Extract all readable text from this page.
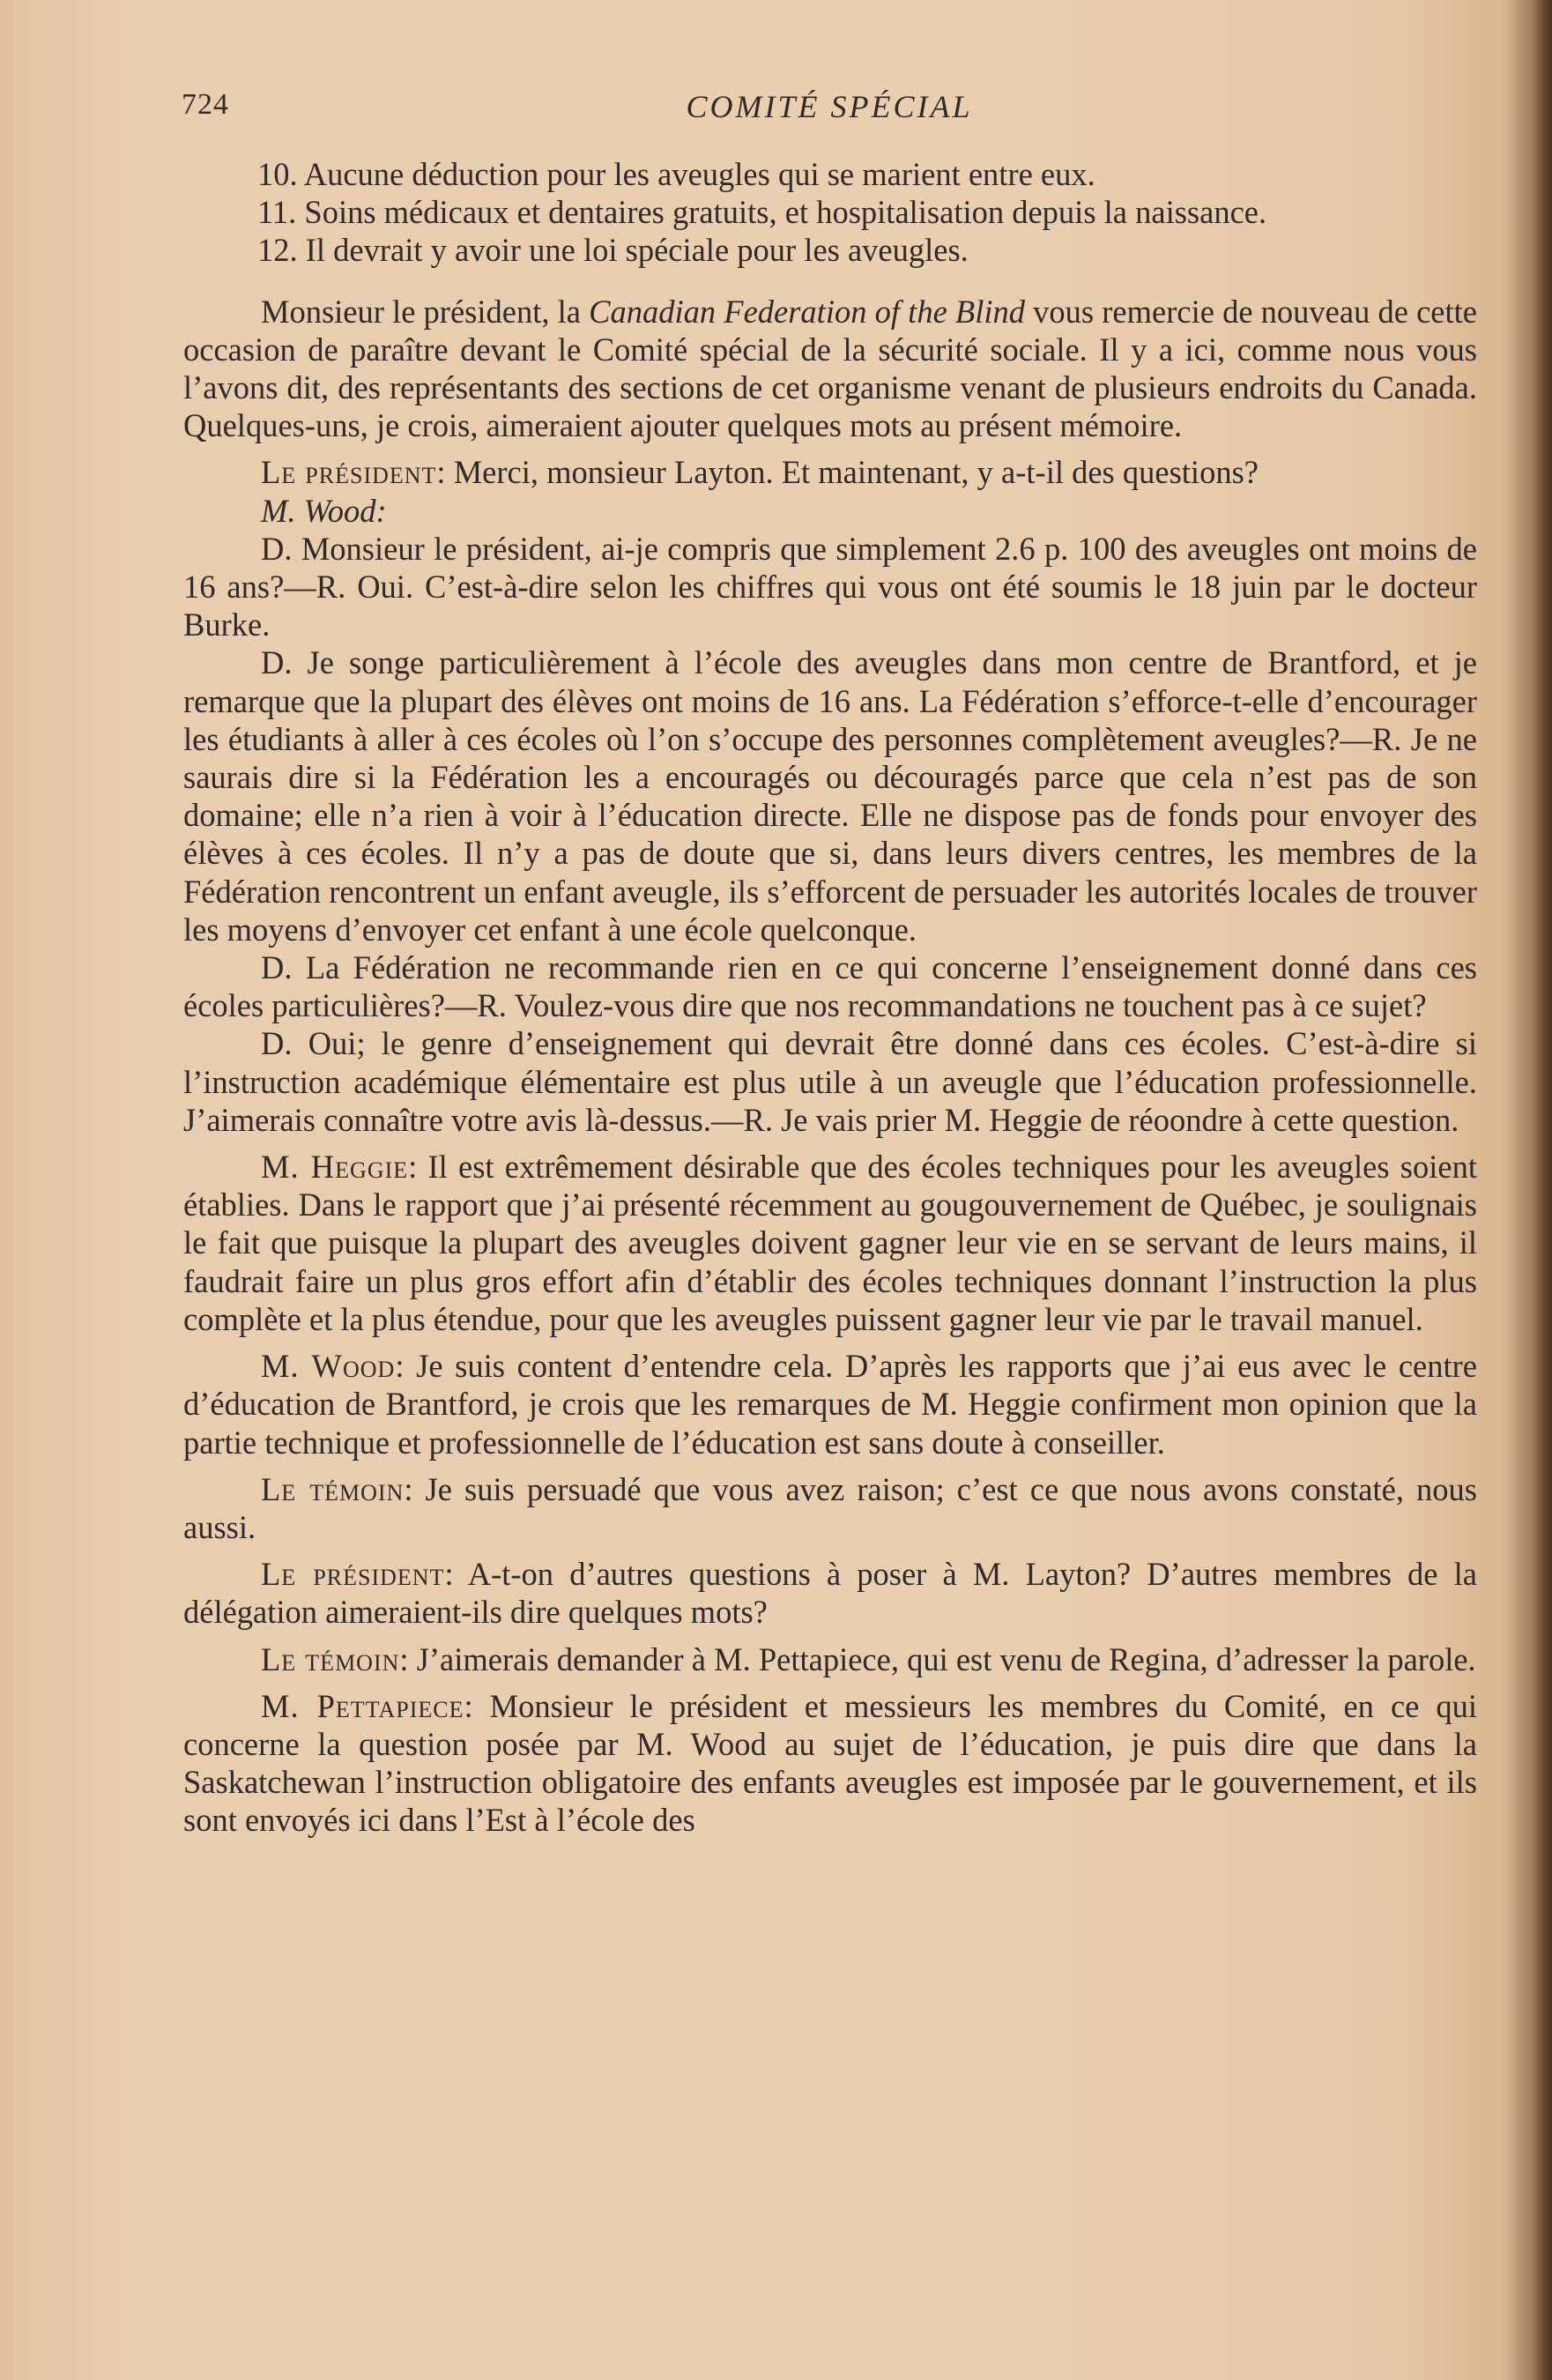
724	COMITÉ SPÉCIAL

10. Aucune déduction pour les aveugles qui se marient entre eux.

11. Soins médicaux et dentaires gratuits, et hospitalisation depuis la naissance.

12. Il devrait y avoir une loi spéciale pour les aveugles.

Monsieur le président, la Canadian Federation of the Blind vous remercie de nouveau de cette occasion de paraître devant le Comité spécial de la sécurité sociale. Il y a ici, comme nous vous l’avons dit, des représentants des sections de cet organisme venant de plusieurs endroits du Canada. Quelques-uns, je crois, aimeraient ajouter quelques mots au présent mémoire.

Le président: Merci, monsieur Layton. Et maintenant, y a-t-il des questions?

M. Wood:

D. Monsieur le président, ai-je compris que simplement 2.6 p. 100 des aveugles ont moins de 16 ans?—R. Oui. C’est-à-dire selon les chiffres qui vous ont été soumis le 18 juin par le docteur Burke.

D. Je songe particulièrement à l’école des aveugles dans mon centre de Brantford, et je remarque que la plupart des élèves ont moins de 16 ans. La Fédération s’efforce-t-elle d’encourager les étudiants à aller à ces écoles où l’on s’occupe des personnes complètement aveugles?—R. Je ne saurais dire si la Fédération les a encouragés ou découragés parce que cela n’est pas de son domaine; elle n’a rien à voir à l’éducation directe. Elle ne dispose pas de fonds pour envoyer des élèves à ces écoles. Il n’y a pas de doute que si, dans leurs divers centres, les membres de la Fédération rencontrent un enfant aveugle, ils s’efforcent de persuader les autorités locales de trouver les moyens d’envoyer cet enfant à une école quelconque.

D. La Fédération ne recommande rien en ce qui concerne l’enseignement donné dans ces écoles particulières?—R. Voulez-vous dire que nos recommandations ne touchent pas à ce sujet?

D. Oui; le genre d’enseignement qui devrait être donné dans ces écoles. C’est-à-dire si l’instruction académique élémentaire est plus utile à un aveugle que l’éducation professionnelle. J’aimerais connaître votre avis là-dessus.—R. Je vais prier M. Heggie de réoondre à cette question.

M. Heggie: Il est extrêmement désirable que des écoles techniques pour les aveugles soient établies. Dans le rapport que j’ai présenté récemment au gougouvernement de Québec, je soulignais le fait que puisque la plupart des aveugles doivent gagner leur vie en se servant de leurs mains, il faudrait faire un plus gros effort afin d’établir des écoles techniques donnant l’instruction la plus complète et la plus étendue, pour que les aveugles puissent gagner leur vie par le travail manuel.

M. Wood: Je suis content d’entendre cela. D’après les rapports que j’ai eus avec le centre d’éducation de Brantford, je crois que les remarques de M. Heggie confirment mon opinion que la partie technique et professionnelle de l’éducation est sans doute à conseiller.

Le témoin: Je suis persuadé que vous avez raison; c’est ce que nous avons constaté, nous aussi.

Le président: A-t-on d’autres questions à poser à M. Layton? D’autres membres de la délégation aimeraient-ils dire quelques mots?

Le témoin: J’aimerais demander à M. Pettapiece, qui est venu de Regina, d’adresser la parole.

M. Pettapiece: Monsieur le président et messieurs les membres du Comité, en ce qui concerne la question posée par M. Wood au sujet de l’éducation, je puis dire que dans la Saskatchewan l’instruction obligatoire des enfants aveugles est imposée par le gouvernement, et ils sont envoyés ici dans l’Est à l’école des
